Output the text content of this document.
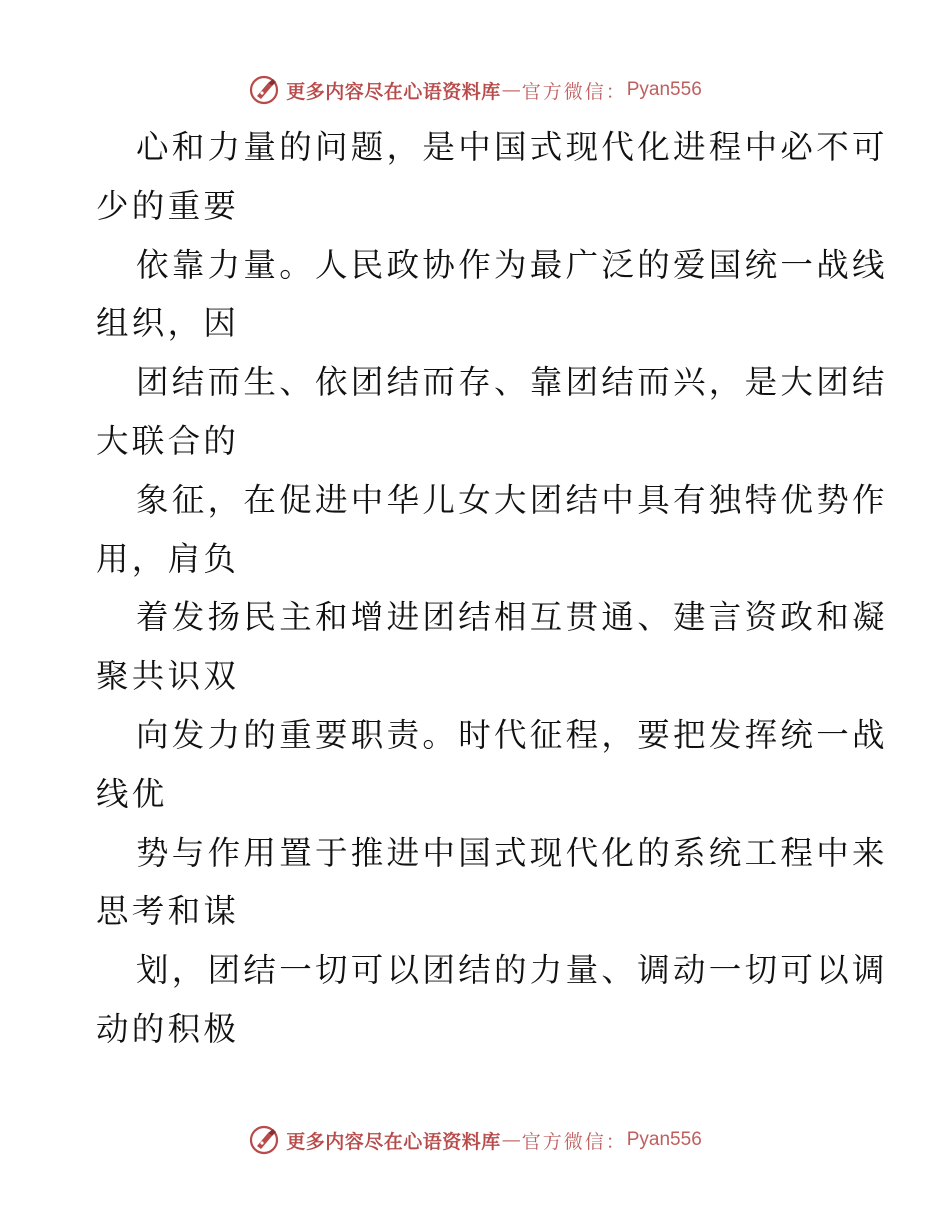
更多内容尽在心语资料库 — 官方微信： Pyan556
心和力量的问题，是中国式现代化进程中必不可
少的重要
依靠力量。人民政协作为最广泛的爱国统一战线
组织，因
团结而生、依团结而存、靠团结而兴，是大团结
大联合的
象征，在促进中华儿女大团结中具有独特优势作
用，肩负
着发扬民主和增进团结相互贯通、建言资政和凝
聚共识双
向发力的重要职责。时代征程，要把发挥统一战
线优
势与作用置于推进中国式现代化的系统工程中来
思考和谋
划，团结一切可以团结的力量、调动一切可以调
动的积极
更多内容尽在心语资料库 — 官方微信： Pyan556
